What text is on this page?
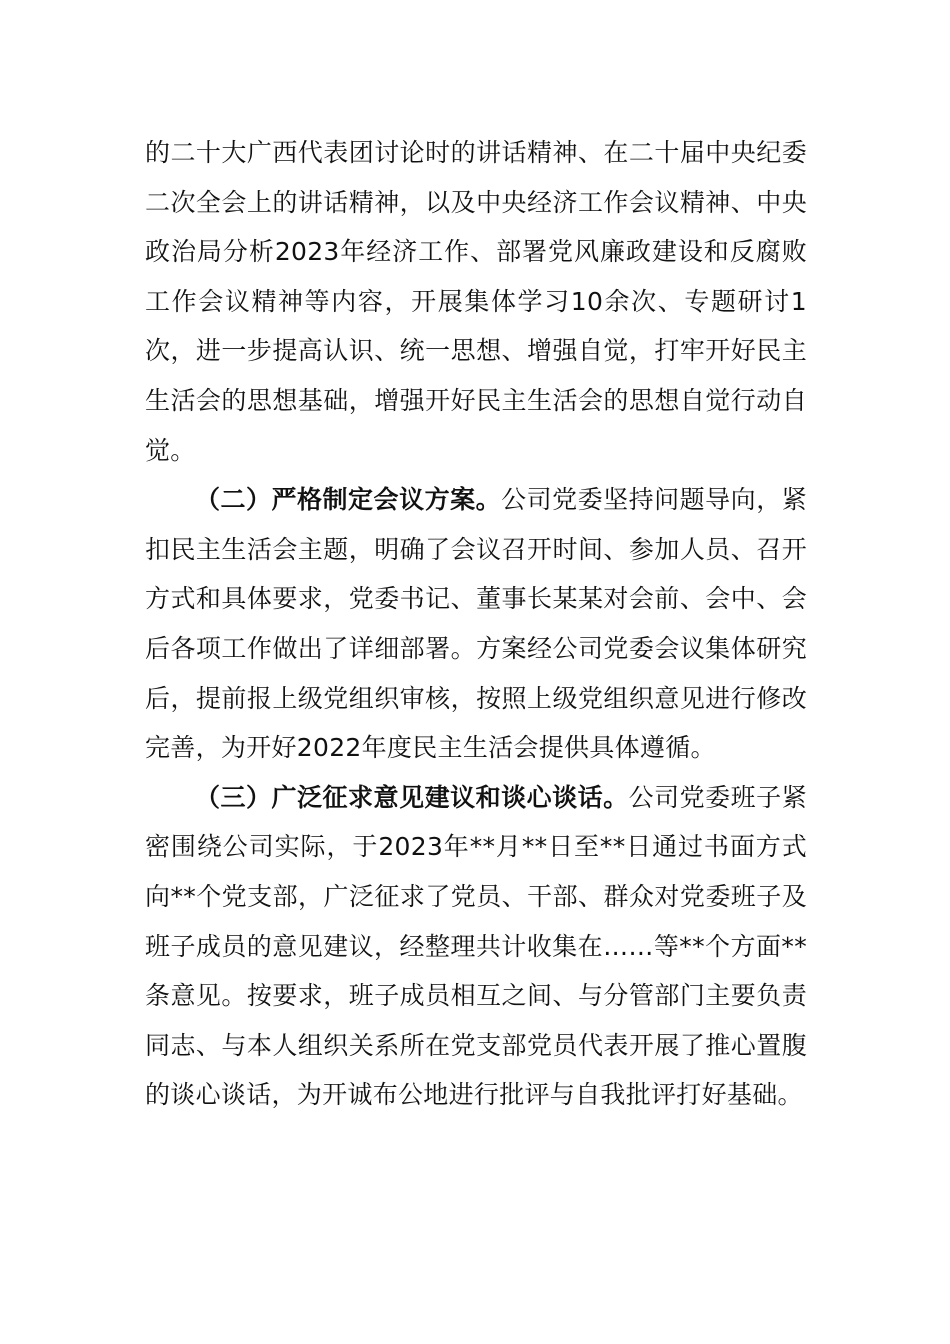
的二十大广西代表团讨论时的讲话精神、在二十届中央纪委二次全会上的讲话精神，以及中央经济工作会议精神、中央政治局分析2023年经济工作、部署党风廉政建设和反腐败工作会议精神等内容，开展集体学习10余次、专题研讨1次，进一步提高认识、统一思想、增强自觉，打牢开好民主生活会的思想基础，增强开好民主生活会的思想自觉行动自觉。

（二）严格制定会议方案。公司党委坚持问题导向，紧扣民主生活会主题，明确了会议召开时间、参加人员、召开方式和具体要求，党委书记、董事长某某对会前、会中、会后各项工作做出了详细部署。方案经公司党委会议集体研究后，提前报上级党组织审核，按照上级党组织意见进行修改完善，为开好2022年度民主生活会提供具体遵循。

（三）广泛征求意见建议和谈心谈话。公司党委班子紧密围绕公司实际，于2023年**月**日至**日通过书面方式向**个党支部，广泛征求了党员、干部、群众对党委班子及班子成员的意见建议，经整理共计收集在……等**个方面**条意见。按要求，班子成员相互之间、与分管部门主要负责同志、与本人组织关系所在党支部党员代表开展了推心置腹的谈心谈话，为开诚布公地进行批评与自我批评打好基础。
